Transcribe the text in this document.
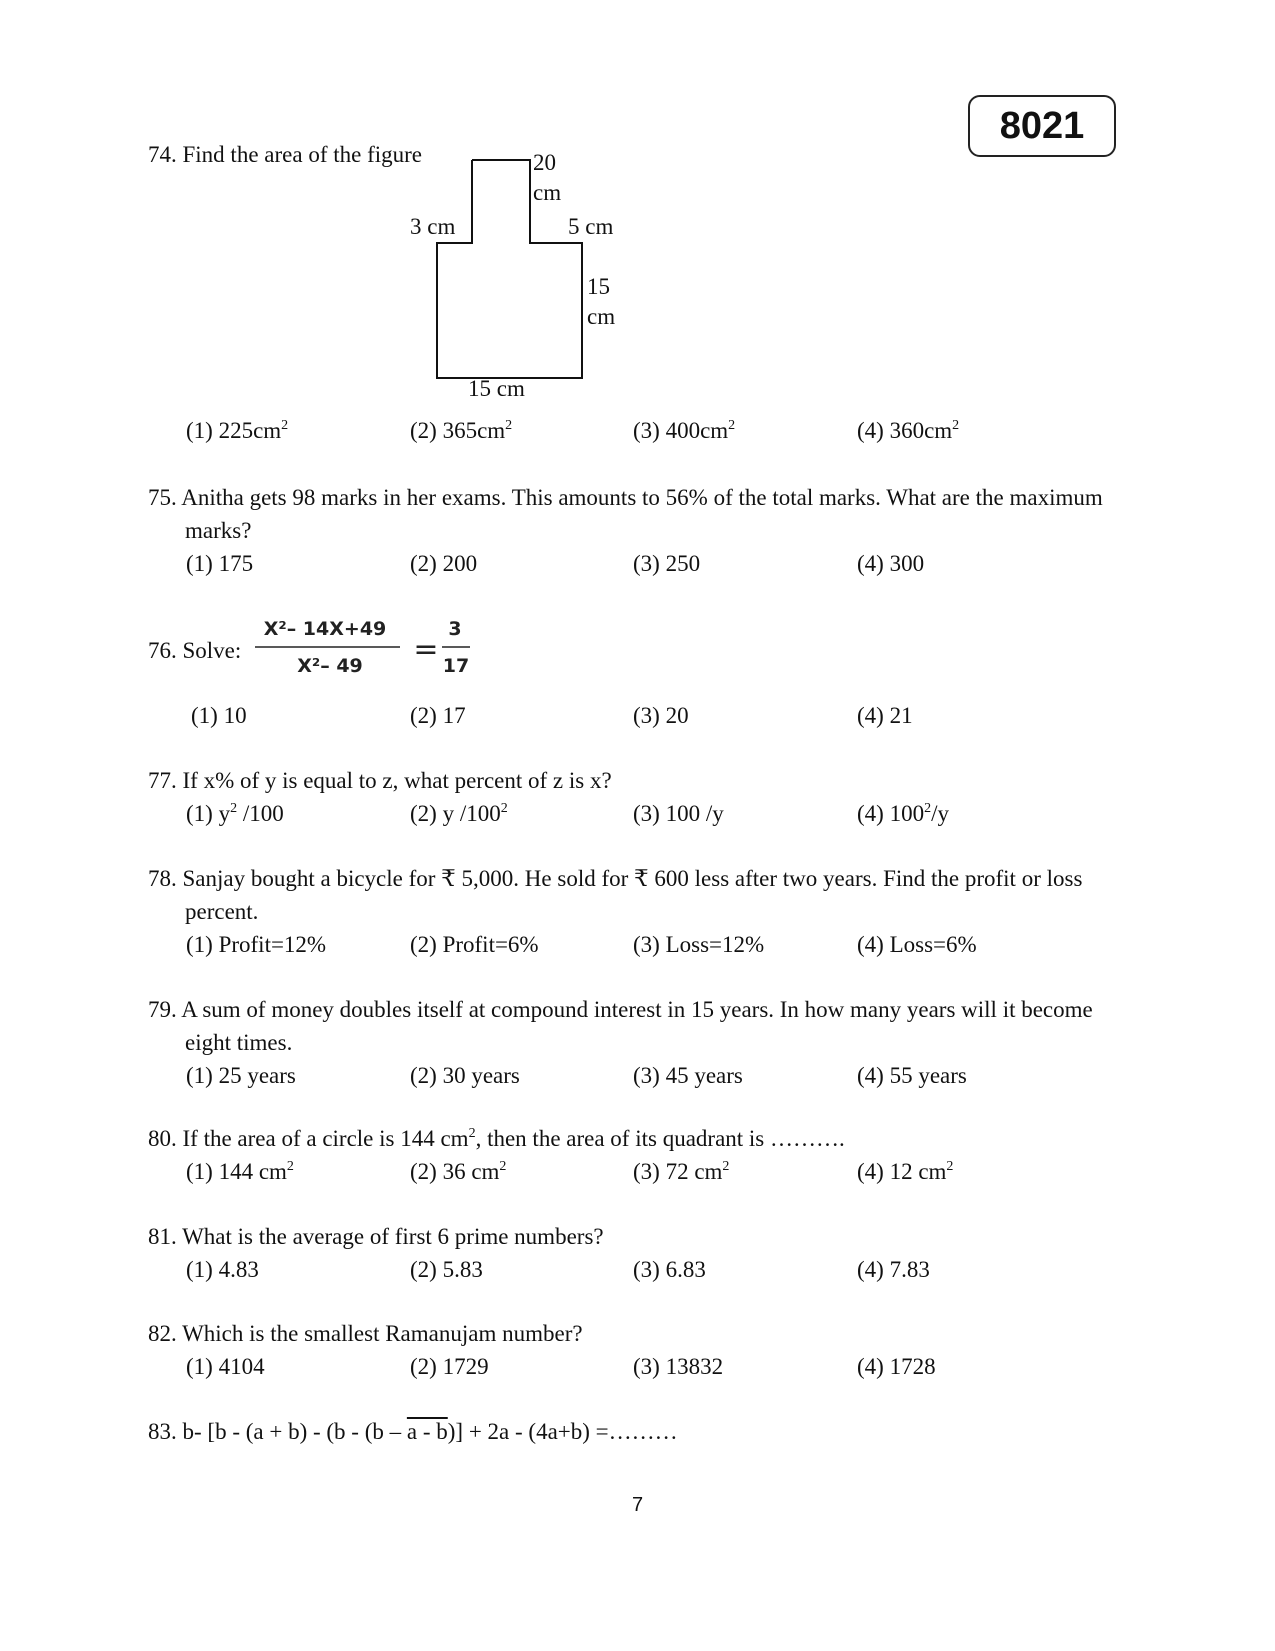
8021
74. Find the area of the figure	20
cm
3 cm	5 cm
15
cm
15 cm
(1) $225cm^2$	(2) $365cm^2$	(3) $400cm^2$	(4) $360cm^2$
75. Anitha gets 98 marks in her exams. This amounts to 56% of the total marks. What are the maximum
marks?
(1) 175	(2) 200	(3) 250	(4) 300
76. Solve:
X²– 14X+49
X²– 49 =
3
17
(1) 10	(2) 17	(3) 20	(4) 21
77. If x% of y is equal to z, what percent of z is x?
(1) $y^2$ /100	(2) y $/100^2$	(3) 100 /y	(4) $100^2/y$
78. Sanjay bought a bicycle for ₹ 5,000. He sold for ₹ 600 less after two years. Find the profit or loss
percent.
(1) Profit=12%	(2) Profit=6%	(3) Loss=12%	(4) Loss=6%
79. A sum of money doubles itself at compound interest in 15 years. In how many years will it become
eight times.
(1) 25 years	(2) 30 years	(3) 45 years	(4) 55 years
80. If the area of a circle is 144 $cm^2$, then the area of its quadrant is ……….
(1) 144 $cm^2$	(2) 36 $cm^2$	(3) 72 $cm^2$	(4) 12 $cm^2$
81. What is the average of first 6 prime numbers?
(1) 4.83	(2) 5.83	(3) 6.83	(4) 7.83
82. Which is the smallest Ramanujam number?
(1) 4104	(2) 1729	(3) 13832	(4) 1728
83. b- [b - (a + b) - (b - (b – a - b)] + 2a - (4a+b) =………
7
